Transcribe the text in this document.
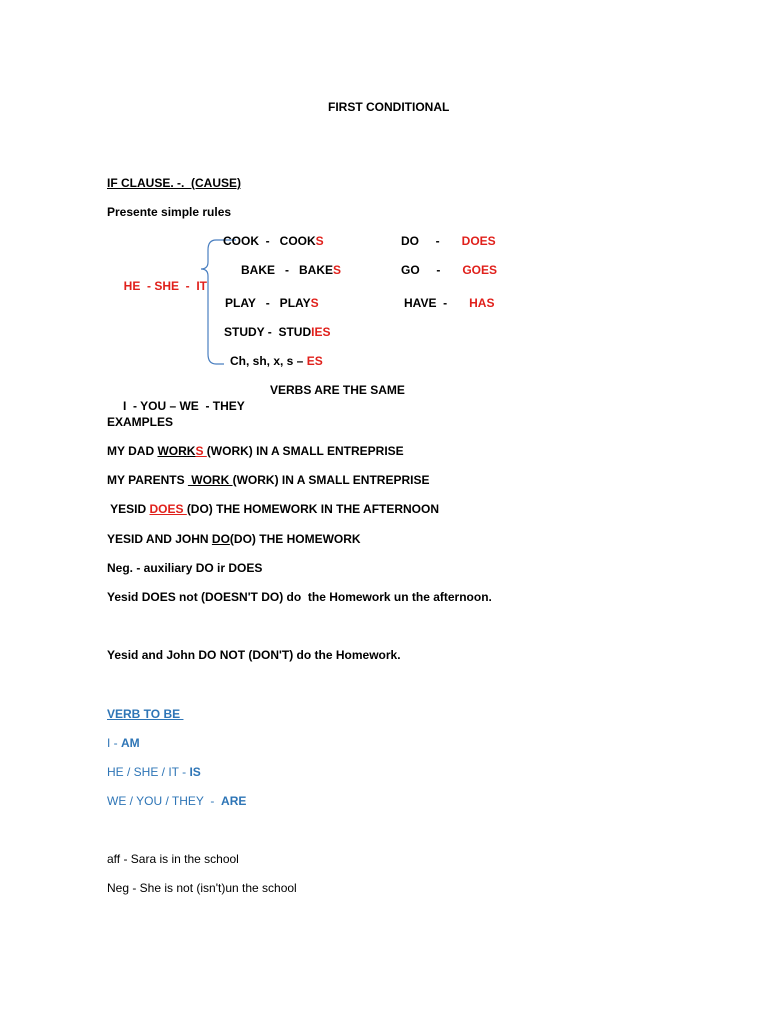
FIRST CONDITIONAL
IF CLAUSE. -.  (CAUSE)
Presente simple rules
COOK  -   COOKS
BAKE   -   BAKES
PLAY   -   PLAYS
STUDY -  STUDIES
Ch, sh, x, s – ES
DO     - DOES
GO     - GOES
HAVE  - HAS

HE  - SHE  -  IT

I  - YOU – WE  - THEY

VERBS ARE THE SAME
EXAMPLES
MY DAD WORKS (WORK) IN A SMALL ENTREPRISE
MY PARENTS  WORK (WORK) IN A SMALL ENTREPRISE
YESID DOES (DO) THE HOMEWORK IN THE AFTERNOON
YESID AND JOHN DO(DO) THE HOMEWORK
Neg. - auxiliary DO ir DOES
Yesid DOES not (DOESN'T DO) do  the Homework un the afternoon.
Yesid and John DO NOT (DON'T) do the Homework.
VERB TO BE
I - AM
HE / SHE / IT - IS
WE / YOU / THEY  -  ARE
aff - Sara is in the school
Neg - She is not (isn't)un the school
